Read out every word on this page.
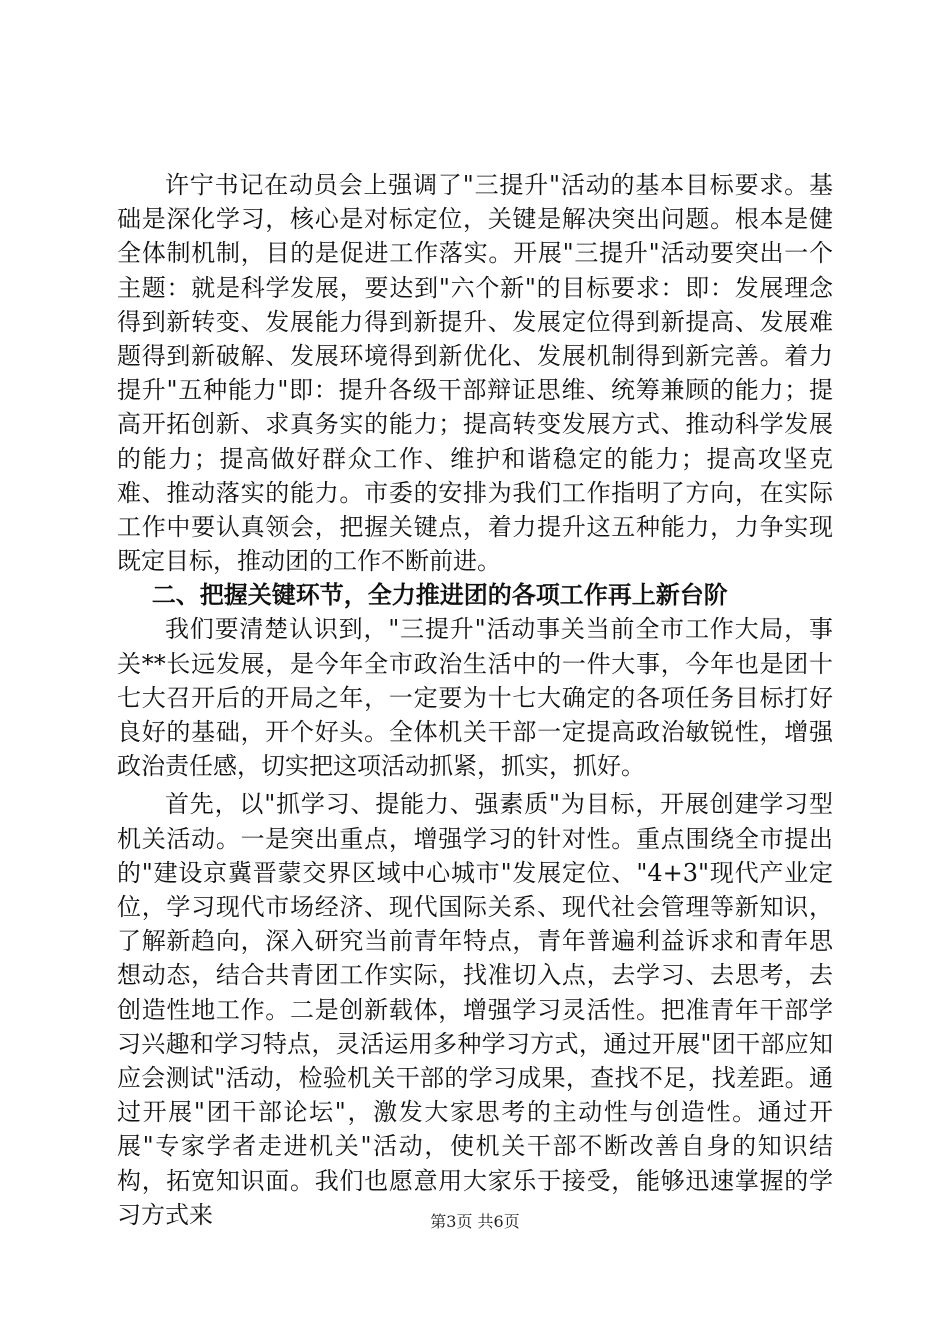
许宁书记在动员会上强调了"三提升"活动的基本目标要求。基础是深化学习，核心是对标定位，关键是解决突出问题。根本是健全体制机制，目的是促进工作落实。开展"三提升"活动要突出一个主题：就是科学发展，要达到"六个新"的目标要求：即：发展理念得到新转变、发展能力得到新提升、发展定位得到新提高、发展难题得到新破解、发展环境得到新优化、发展机制得到新完善。着力提升"五种能力"即：提升各级干部辩证思维、统筹兼顾的能力；提高开拓创新、求真务实的能力；提高转变发展方式、推动科学发展的能力；提高做好群众工作、维护和谐稳定的能力；提高攻坚克难、推动落实的能力。市委的安排为我们工作指明了方向，在实际工作中要认真领会，把握关键点，着力提升这五种能力，力争实现既定目标，推动团的工作不断前进。

二、把握关键环节，全力推进团的各项工作再上新台阶

我们要清楚认识到，"三提升"活动事关当前全市工作大局，事关**长远发展，是今年全市政治生活中的一件大事，今年也是团十七大召开后的开局之年，一定要为十七大确定的各项任务目标打好良好的基础，开个好头。全体机关干部一定提高政治敏锐性，增强政治责任感，切实把这项活动抓紧，抓实，抓好。

首先，以"抓学习、提能力、强素质"为目标，开展创建学习型机关活动。一是突出重点，增强学习的针对性。重点围绕全市提出的"建设京冀晋蒙交界区域中心城市"发展定位、"4+3"现代产业定位，学习现代市场经济、现代国际关系、现代社会管理等新知识，了解新趋向，深入研究当前青年特点，青年普遍利益诉求和青年思想动态，结合共青团工作实际，找准切入点，去学习、去思考，去创造性地工作。二是创新载体，增强学习灵活性。把准青年干部学习兴趣和学习特点，灵活运用多种学习方式，通过开展"团干部应知应会测试"活动，检验机关干部的学习成果，查找不足，找差距。通过开展"团干部论坛"，激发大家思考的主动性与创造性。通过开展"专家学者走进机关"活动，使机关干部不断改善自身的知识结构，拓宽知识面。我们也愿意用大家乐于接受，能够迅速掌握的学习方式来	第3页 共6页
